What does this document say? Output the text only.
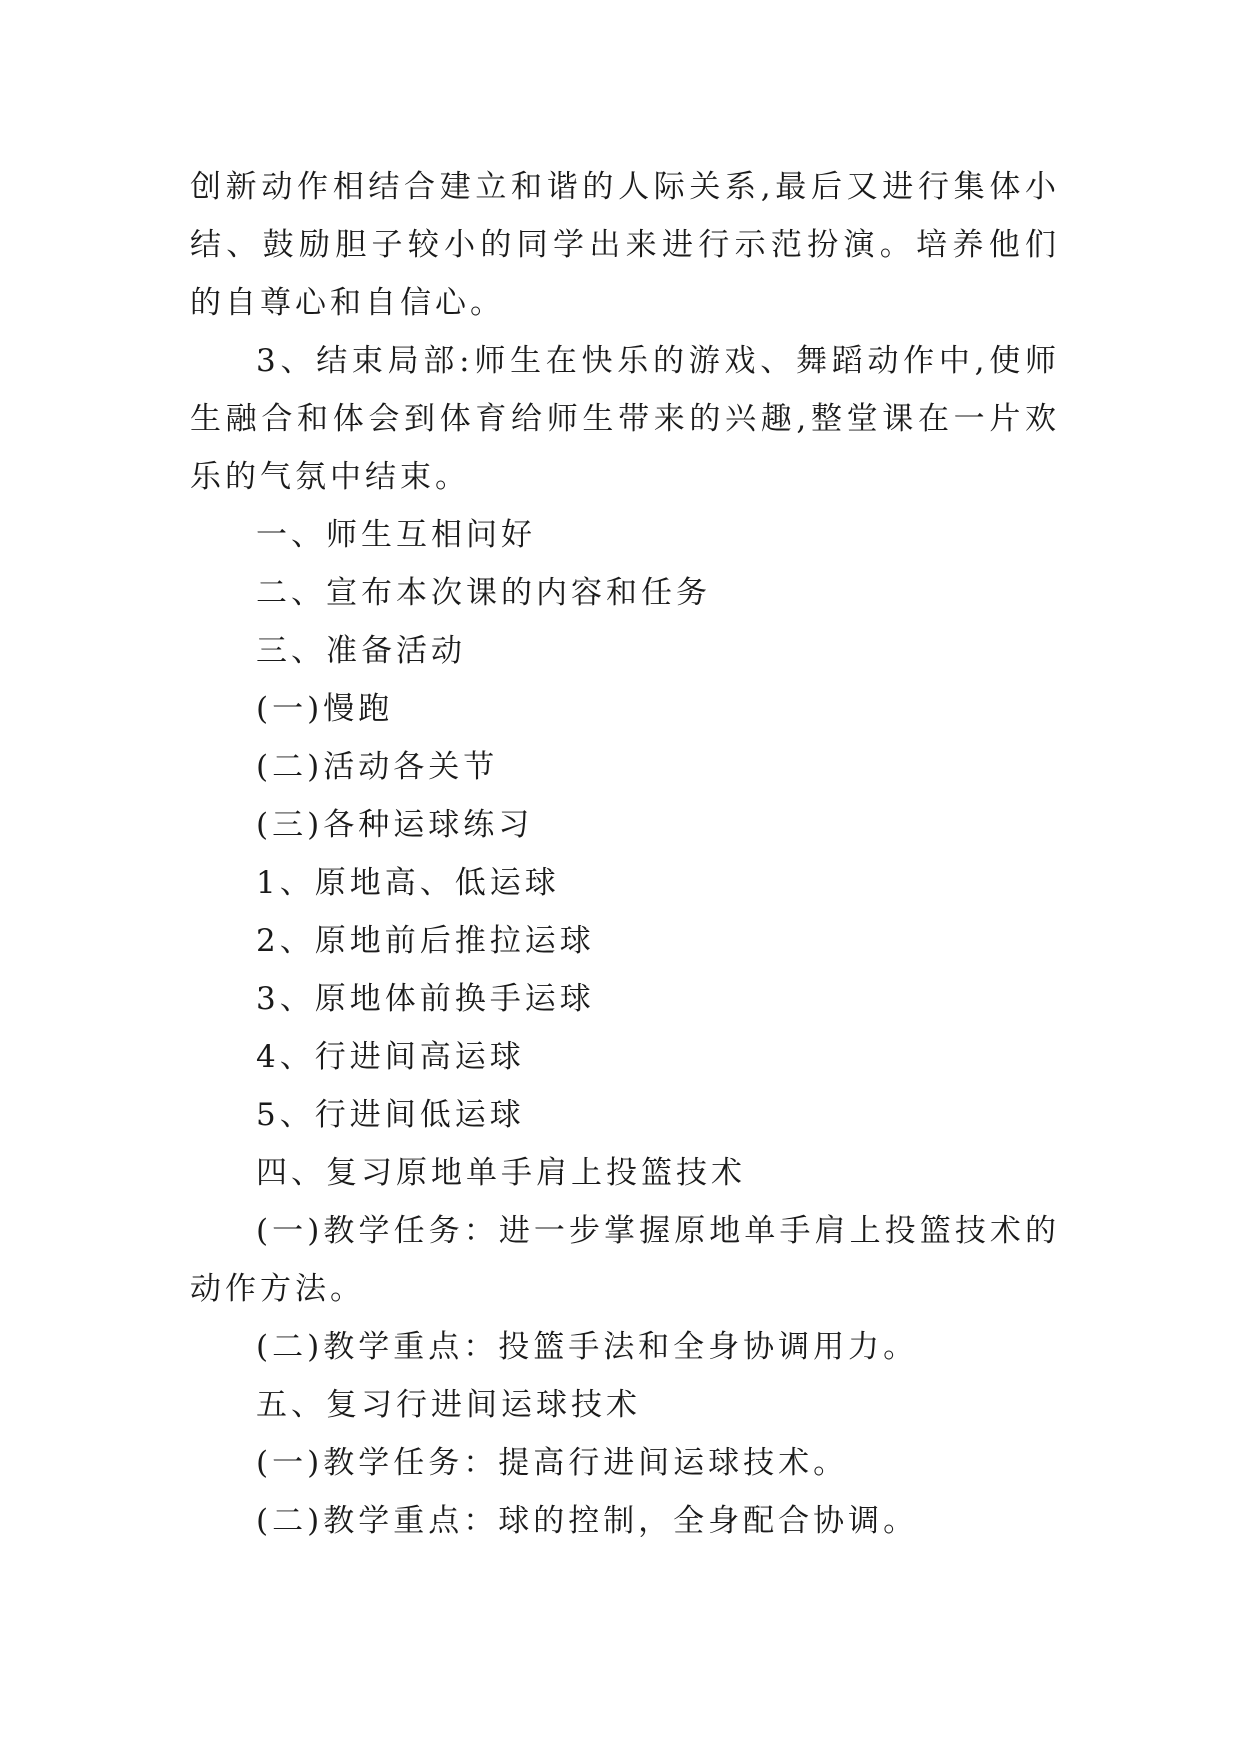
创新动作相结合建立和谐的人际关系,最后又进行集体小结、鼓励胆子较小的同学出来进行示范扮演。培养他们的自尊心和自信心。

3、结束局部:师生在快乐的游戏、舞蹈动作中,使师生融合和体会到体育给师生带来的兴趣,整堂课在一片欢乐的气氛中结束。

一、师生互相问好

二、宣布本次课的内容和任务

三、准备活动

(一)慢跑

(二)活动各关节

(三)各种运球练习

1、原地高、低运球

2、原地前后推拉运球

3、原地体前换手运球

4、行进间高运球

5、行进间低运球

四、复习原地单手肩上投篮技术

(一)教学任务：进一步掌握原地单手肩上投篮技术的动作方法。

(二)教学重点：投篮手法和全身协调用力。

五、复习行进间运球技术

(一)教学任务：提高行进间运球技术。

(二)教学重点：球的控制，全身配合协调。
